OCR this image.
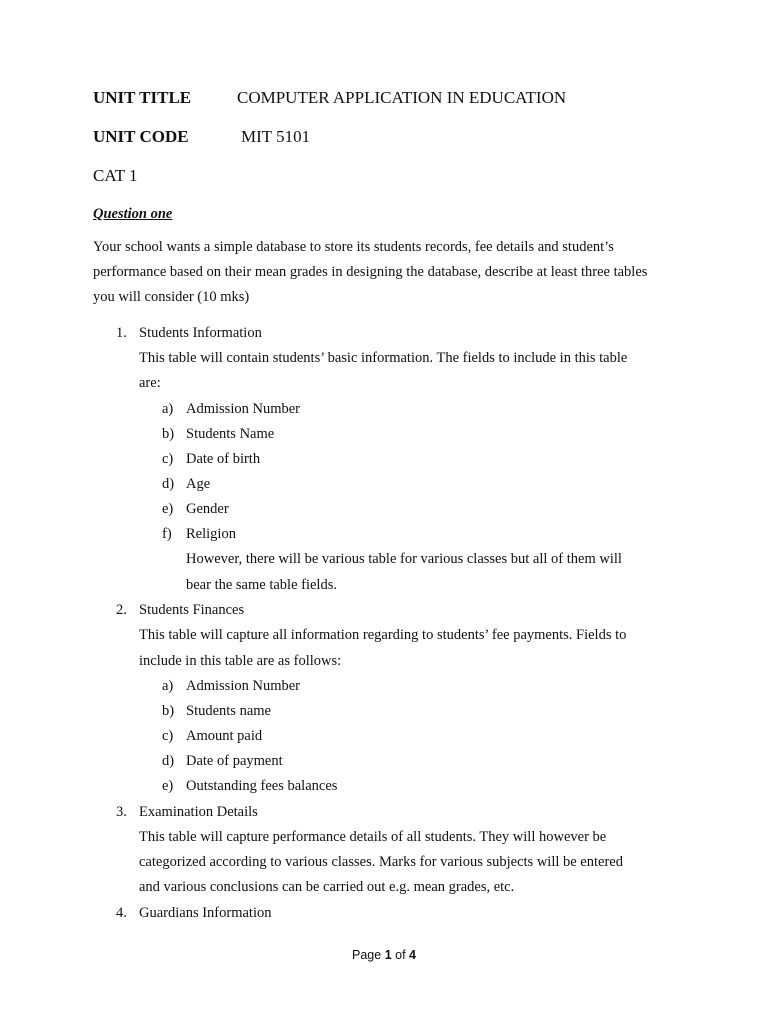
UNIT TITLE	COMPUTER APPLICATION IN EDUCATION
UNIT CODE	MIT 5101
CAT 1
Question one

Your school wants a simple database to store its students records, fee details and student’s performance based on their mean grades in designing the database, describe at least three tables you will consider (10 mks)

1. Students Information
This table will contain students’ basic information. The fields to include in this table
are:
a) Admission Number
b) Students Name
c) Date of birth
d) Age
e) Gender
f) Religion
However, there will be various table for various classes but all of them will
bear the same table fields.
2. Students Finances
This table will capture all information regarding to students’ fee payments. Fields to
include in this table are as follows:
a) Admission Number
b) Students name
c) Amount paid
d) Date of payment
e) Outstanding fees balances
3. Examination Details
This table will capture performance details of all students. They will however be
categorized according to various classes. Marks for various subjects will be entered
and various conclusions can be carried out e.g. mean grades, etc.
4. Guardians Information
Page 1 of 4
